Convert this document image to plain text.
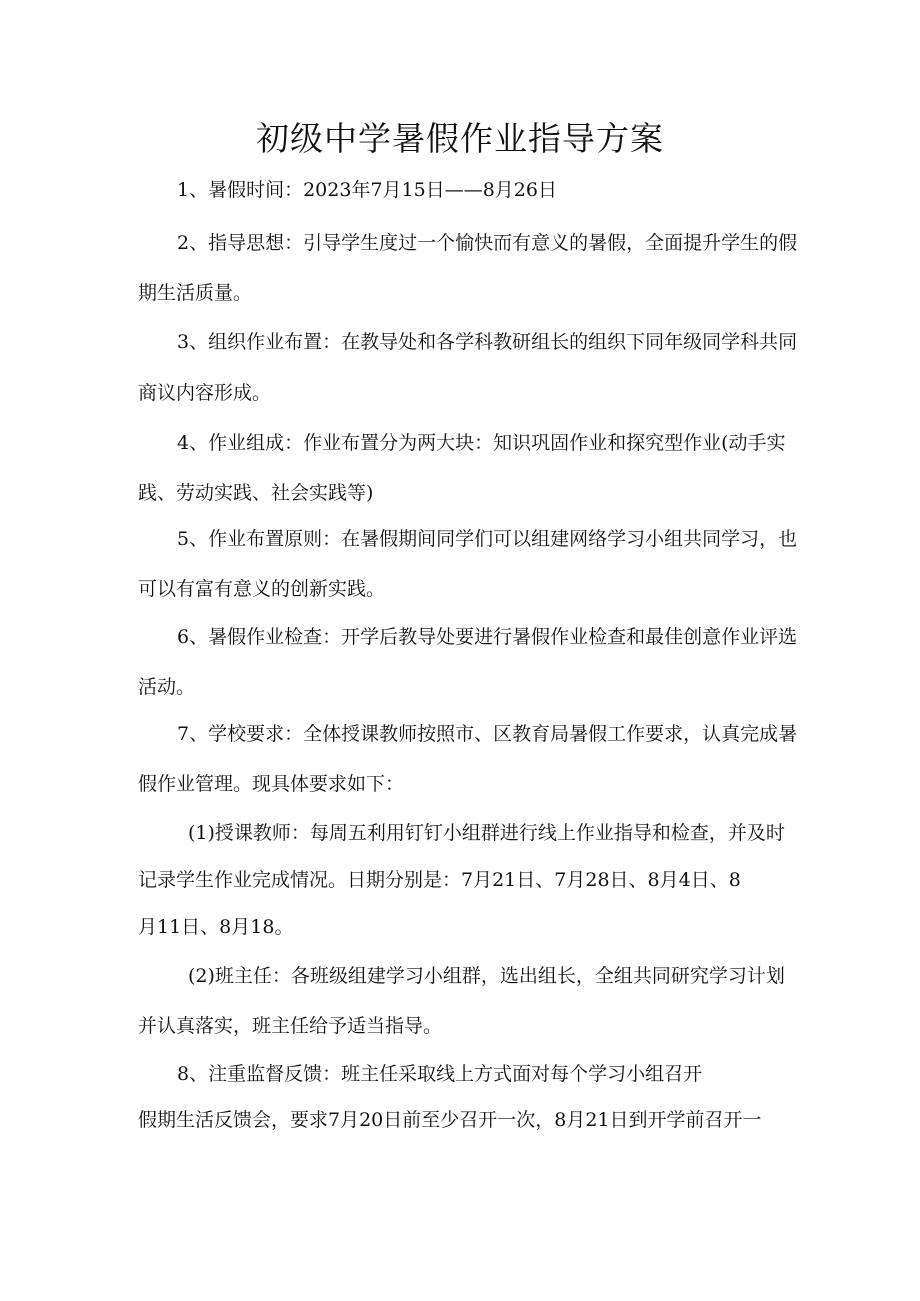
初级中学暑假作业指导方案

1、暑假时间：2023年7月15日——8月26日

2、指导思想：引导学生度过一个愉快而有意义的暑假，全面提升学生的假

期生活质量。

3、组织作业布置：在教导处和各学科教研组长的组织下同年级同学科共同

商议内容形成。

4、作业组成：作业布置分为两大块：知识巩固作业和探究型作业(动手实

践、劳动实践、社会实践等)

5、作业布置原则：在暑假期间同学们可以组建网络学习小组共同学习，也

可以有富有意义的创新实践。

6、暑假作业检查：开学后教导处要进行暑假作业检查和最佳创意作业评选

活动。

7、学校要求：全体授课教师按照市、区教育局暑假工作要求，认真完成暑

假作业管理。现具体要求如下：

(1)授课教师：每周五利用钉钉小组群进行线上作业指导和检查，并及时

记录学生作业完成情况。日期分别是：7月21日、7月28日、8月4日、8

月11日、8月18。

(2)班主任：各班级组建学习小组群，选出组长，全组共同研究学习计划

并认真落实，班主任给予适当指导。

8、注重监督反馈：班主任采取线上方式面对每个学习小组召开

假期生活反馈会，要求7月20日前至少召开一次，8月21日到开学前召开一
